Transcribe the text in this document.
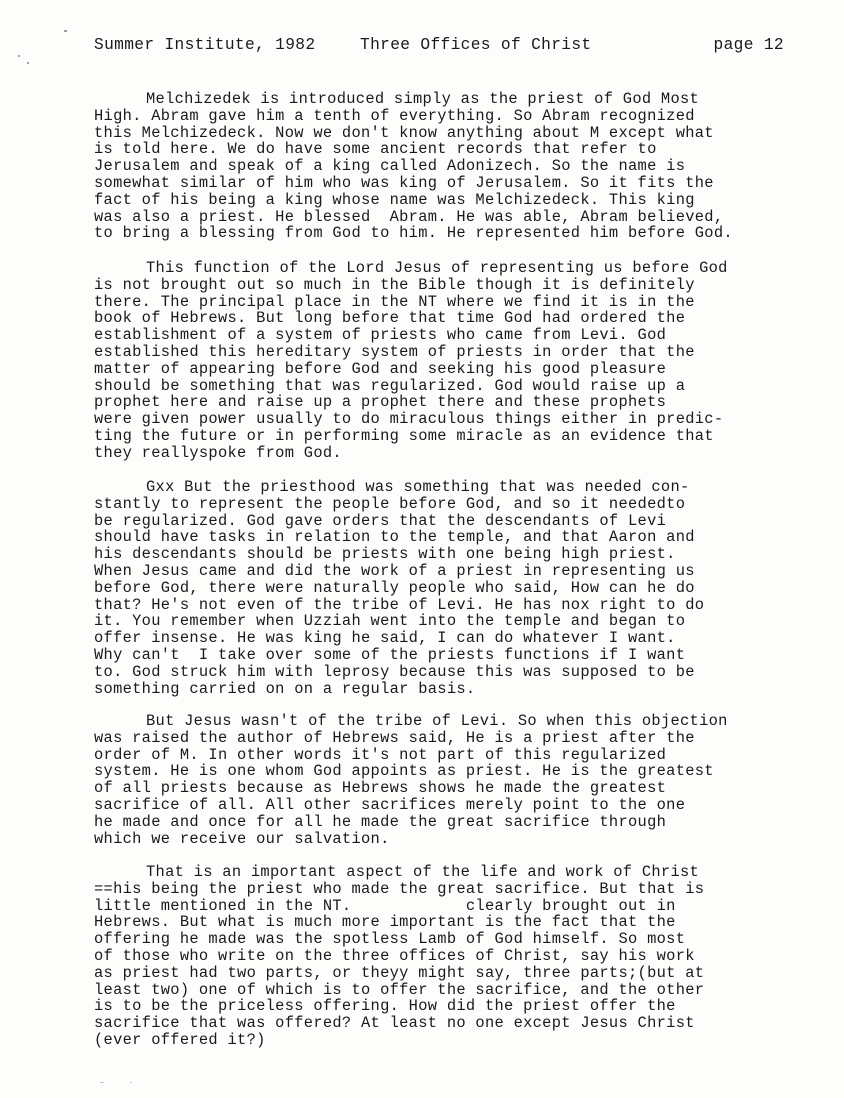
Summer Institute, 1982	Three Offices of Christ	page 12
Melchizedek is introduced simply as the priest of God Most
High. Abram gave him a tenth of everything. So Abram recognized
this Melchizedeck. Now we don't know anything about M except what
is told here. We do have some ancient records that refer to
Jerusalem and speak of a king called Adonizech. So the name is
somewhat similar of him who was king of Jerusalem. So it fits the
fact of his being a king whose name was Melchizedeck. This king
was also a priest. He blessed  Abram. He was able, Abram believed,
to bring a blessing from God to him. He represented him before God.
This function of the Lord Jesus of representing us before God
is not brought out so much in the Bible though it is definitely
there. The principal place in the NT where we find it is in the
book of Hebrews. But long before that time God had ordered the
establishment of a system of priests who came from Levi. God
established this hereditary system of priests in order that the
matter of appearing before God and seeking his good pleasure
should be something that was regularized. God would raise up a
prophet here and raise up a prophet there and these prophets
were given power usually to do miraculous things either in predic-
ting the future or in performing some miracle as an evidence that
they reallyspoke from God.
Gxx But the priesthood was something that was needed con-
stantly to represent the people before God, and so it neededto
be regularized. God gave orders that the descendants of Levi
should have tasks in relation to the temple, and that Aaron and
his descendants should be priests with one being high priest.
When Jesus came and did the work of a priest in representing us
before God, there were naturally people who said, How can he do
that? He's not even of the tribe of Levi. He has nox right to do
it. You remember when Uzziah went into the temple and began to
offer insense. He was king he said, I can do whatever I want.
Why can't  I take over some of the priests functions if I want
to. God struck him with leprosy because this was supposed to be
something carried on on a regular basis.
But Jesus wasn't of the tribe of Levi. So when this objection
was raised the author of Hebrews said, He is a priest after the
order of M. In other words it's not part of this regularized
system. He is one whom God appoints as priest. He is the greatest
of all priests because as Hebrews shows he made the greatest
sacrifice of all. All other sacrifices merely point to the one
he made and once for all he made the great sacrifice through
which we receive our salvation.
That is an important aspect of the life and work of Christ
==his being the priest who made the great sacrifice. But that is
little mentioned in the NT.            clearly brought out in
Hebrews. But what is much more important is the fact that the
offering he made was the spotless Lamb of God himself. So most
of those who write on the three offices of Christ, say his work
as priest had two parts, or theyy might say, three parts;(but at
least two) one of which is to offer the sacrifice, and the other
is to be the priceless offering. How did the priest offer the
sacrifice that was offered? At least no one except Jesus Christ
(ever offered it?)
